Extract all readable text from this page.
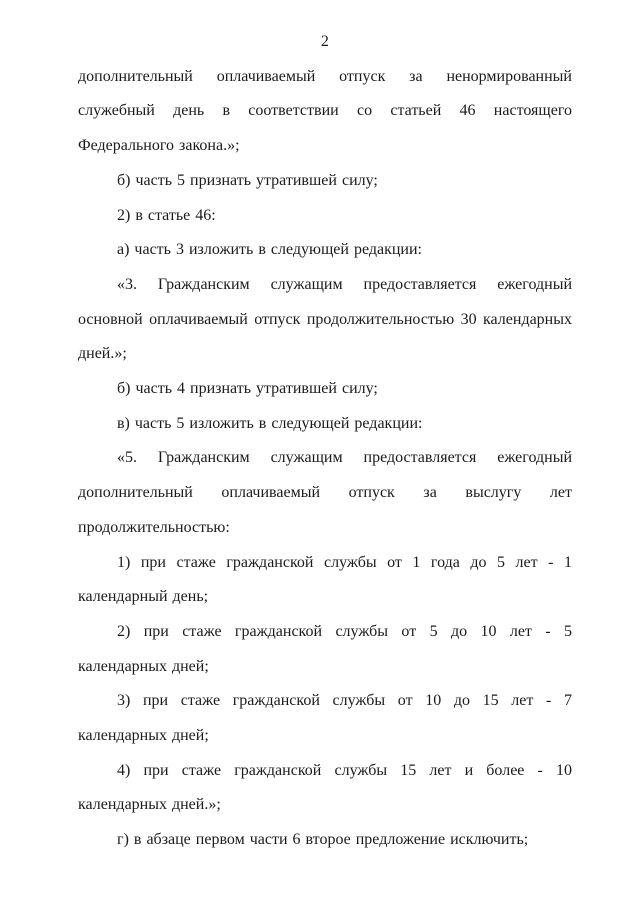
2

дополнительный оплачиваемый отпуск за ненормированный служебный день в соответствии со статьей 46 настоящего Федерального закона.»;

б) часть 5 признать утратившей силу;

2) в статье 46:

а) часть 3 изложить в следующей редакции:

«3. Гражданским служащим предоставляется ежегодный основной оплачиваемый отпуск продолжительностью 30 календарных дней.»;

б) часть 4 признать утратившей силу;

в) часть 5 изложить в следующей редакции:

«5. Гражданским служащим предоставляется ежегодный дополнительный оплачиваемый отпуск за выслугу лет продолжительностью:

1) при стаже гражданской службы от 1 года до 5 лет - 1 календарный день;

2) при стаже гражданской службы от 5 до 10 лет - 5 календарных дней;

3) при стаже гражданской службы от 10 до 15 лет - 7 календарных дней;

4) при стаже гражданской службы 15 лет и более - 10 календарных дней.»;

г) в абзаце первом части 6 второе предложение исключить;
